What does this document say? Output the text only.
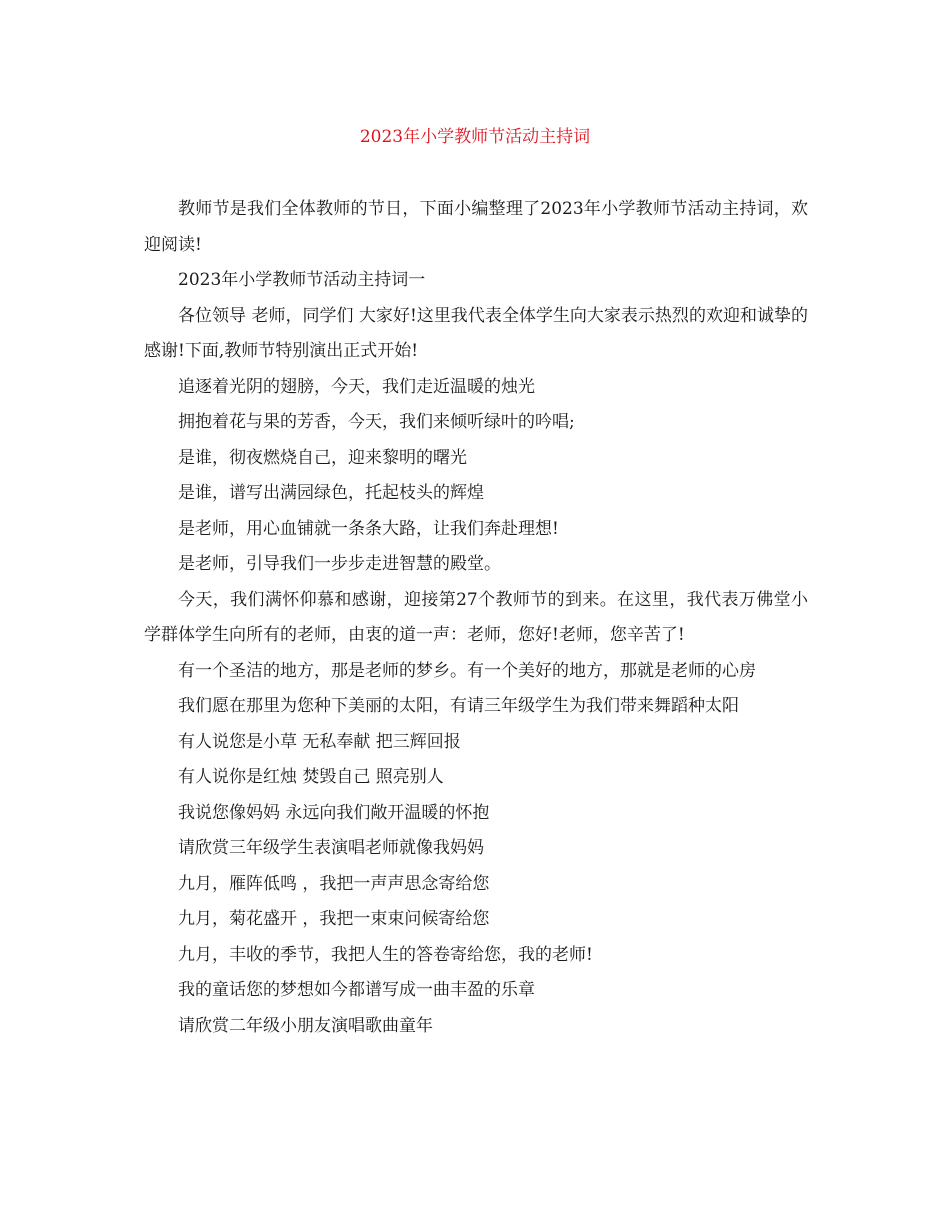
2023年小学教师节活动主持词

教师节是我们全体教师的节日，下面小编整理了2023年小学教师节活动主持词，欢迎阅读!

2023年小学教师节活动主持词一

各位领导 老师，同学们 大家好!这里我代表全体学生向大家表示热烈的欢迎和诚挚的感谢!下面,教师节特别演出正式开始!

追逐着光阴的翅膀，今天，我们走近温暖的烛光

拥抱着花与果的芳香，今天，我们来倾听绿叶的吟唱;

是谁，彻夜燃烧自己，迎来黎明的曙光

是谁，谱写出满园绿色，托起枝头的辉煌

是老师，用心血铺就一条条大路，让我们奔赴理想!

是老师，引导我们一步步走进智慧的殿堂。

今天，我们满怀仰慕和感谢，迎接第27个教师节的到来。在这里，我代表万佛堂小学群体学生向所有的老师，由衷的道一声：老师，您好!老师，您辛苦了!

有一个圣洁的地方，那是老师的梦乡。有一个美好的地方，那就是老师的心房

我们愿在那里为您种下美丽的太阳，有请三年级学生为我们带来舞蹈种太阳

有人说您是小草 无私奉献 把三辉回报

有人说你是红烛 焚毁自己 照亮别人

我说您像妈妈 永远向我们敞开温暖的怀抱

请欣赏三年级学生表演唱老师就像我妈妈

九月，雁阵低鸣 ，我把一声声思念寄给您

九月，菊花盛开 ，我把一束束问候寄给您

九月，丰收的季节，我把人生的答卷寄给您，我的老师!

我的童话您的梦想如今都谱写成一曲丰盈的乐章

请欣赏二年级小朋友演唱歌曲童年
